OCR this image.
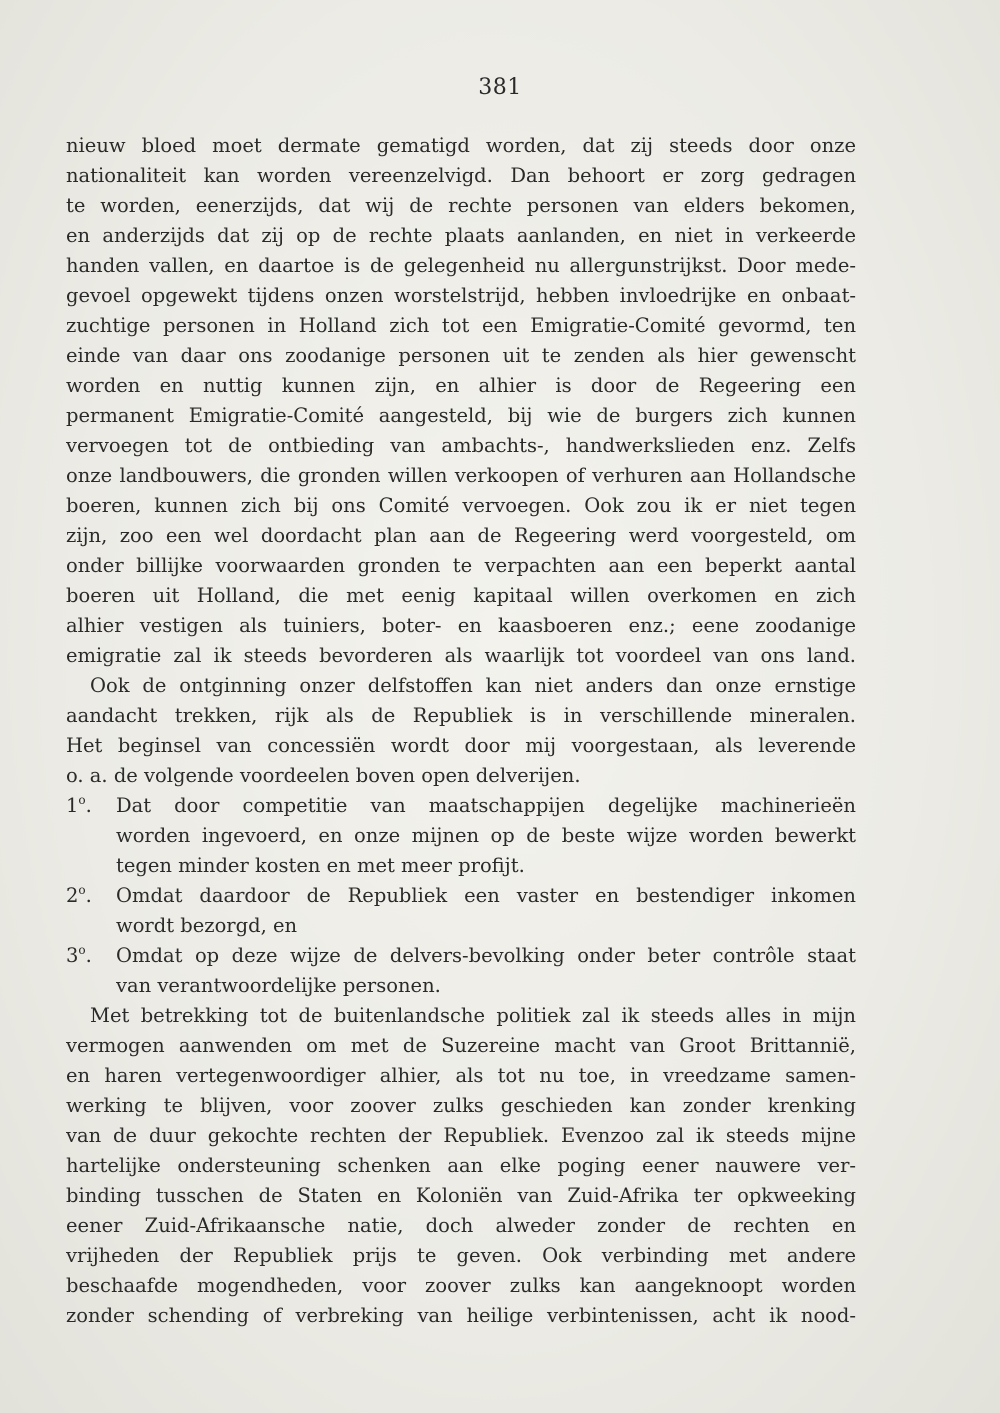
381
nieuw bloed moet dermate gematigd worden, dat zij steeds door onze
nationaliteit kan worden vereenzelvigd. Dan behoort er zorg gedragen
te worden, eenerzijds, dat wij de rechte personen van elders bekomen,
en anderzijds dat zij op de rechte plaats aanlanden, en niet in verkeerde
handen vallen, en daartoe is de gelegenheid nu allergunstrijkst. Door mede-
gevoel opgewekt tijdens onzen worstelstrijd, hebben invloedrijke en onbaat-
zuchtige personen in Holland zich tot een Emigratie-Comité gevormd, ten
einde van daar ons zoodanige personen uit te zenden als hier gewenscht
worden en nuttig kunnen zijn, en alhier is door de Regeering een
permanent Emigratie-Comité aangesteld, bij wie de burgers zich kunnen
vervoegen tot de ontbieding van ambachts-, handwerkslieden enz. Zelfs
onze landbouwers, die gronden willen verkoopen of verhuren aan Hollandsche
boeren, kunnen zich bij ons Comité vervoegen. Ook zou ik er niet tegen
zijn, zoo een wel doordacht plan aan de Regeering werd voorgesteld, om
onder billijke voorwaarden gronden te verpachten aan een beperkt aantal
boeren uit Holland, die met eenig kapitaal willen overkomen en zich
alhier vestigen als tuiniers, boter- en kaasboeren enz.; eene zoodanige
emigratie zal ik steeds bevorderen als waarlijk tot voordeel van ons land.
Ook de ontginning onzer delfstoffen kan niet anders dan onze ernstige
aandacht trekken, rijk als de Republiek is in verschillende mineralen.
Het beginsel van concessiën wordt door mij voorgestaan, als leverende
o. a. de volgende voordeelen boven open delverijen.
1$^o$.	Dat door competitie van maatschappijen degelijke machinerieën
worden ingevoerd, en onze mijnen op de beste wijze worden bewerkt
tegen minder kosten en met meer profijt.
2$^o$.	Omdat daardoor de Republiek een vaster en bestendiger inkomen
wordt bezorgd, en
3$^o$.	Omdat op deze wijze de delvers-bevolking onder beter contrôle staat
van verantwoordelijke personen.
Met betrekking tot de buitenlandsche politiek zal ik steeds alles in mijn
vermogen aanwenden om met de Suzereine macht van Groot Brittannië,
en haren vertegenwoordiger alhier, als tot nu toe, in vreedzame samen-
werking te blijven, voor zoover zulks geschieden kan zonder krenking
van de duur gekochte rechten der Republiek. Evenzoo zal ik steeds mijne
hartelijke ondersteuning schenken aan elke poging eener nauwere ver-
binding tusschen de Staten en Koloniën van Zuid-Afrika ter opkweeking
eener Zuid-Afrikaansche natie, doch alweder zonder de rechten en
vrijheden der Republiek prijs te geven. Ook verbinding met andere
beschaafde mogendheden, voor zoover zulks kan aangeknoopt worden
zonder schending of verbreking van heilige verbintenissen, acht ik nood-
